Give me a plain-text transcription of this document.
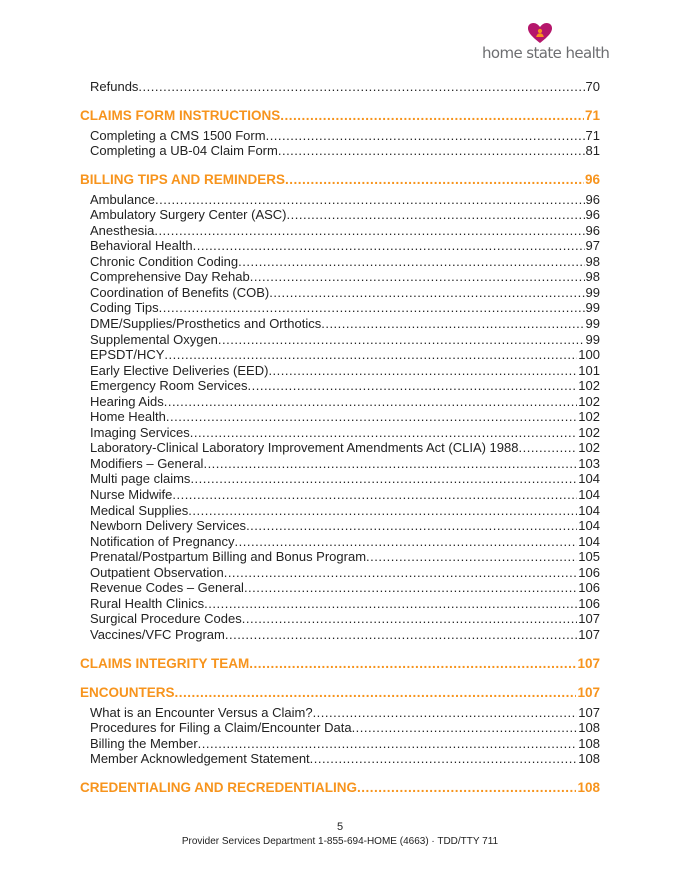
home state health
Refunds .....	70
CLAIMS FORM INSTRUCTIONS .....	71
Completing a CMS 1500 Form .....	71
Completing a UB-04 Claim Form .....	81
BILLING TIPS AND REMINDERS .....	96
Ambulance .....	96
Ambulatory Surgery Center (ASC) .....	96
Anesthesia .....	96
Behavioral Health .....	97
Chronic Condition Coding .....	98
Comprehensive Day Rehab .....	98
Coordination of Benefits (COB) .....	99
Coding Tips .....	99
DME/Supplies/Prosthetics and Orthotics .....	99
Supplemental Oxygen .....	99
EPSDT/HCY .....	100
Early Elective Deliveries (EED) .....	101
Emergency Room Services .....	102
Hearing Aids .....	102
Home Health .....	102
Imaging Services .....	102
Laboratory-Clinical Laboratory Improvement Amendments Act (CLIA) 1988 .....	102
Modifiers – General .....	103
Multi page claims .....	104
Nurse Midwife .....	104
Medical Supplies .....	104
Newborn Delivery Services .....	104
Notification of Pregnancy .....	104
Prenatal/Postpartum Billing and Bonus Program .....	105
Outpatient Observation .....	106
Revenue Codes – General .....	106
Rural Health Clinics .....	106
Surgical Procedure Codes .....	107
Vaccines/VFC Program .....	107
CLAIMS INTEGRITY TEAM .....	107
ENCOUNTERS .....	107
What is an Encounter Versus a Claim? .....	107
Procedures for Filing a Claim/Encounter Data .....	108
Billing the Member .....	108
Member Acknowledgement Statement .....	108
CREDENTIALING AND RECREDENTIALING .....	108
5
Provider Services Department 1-855-694-HOME (4663) · TDD/TTY 711
